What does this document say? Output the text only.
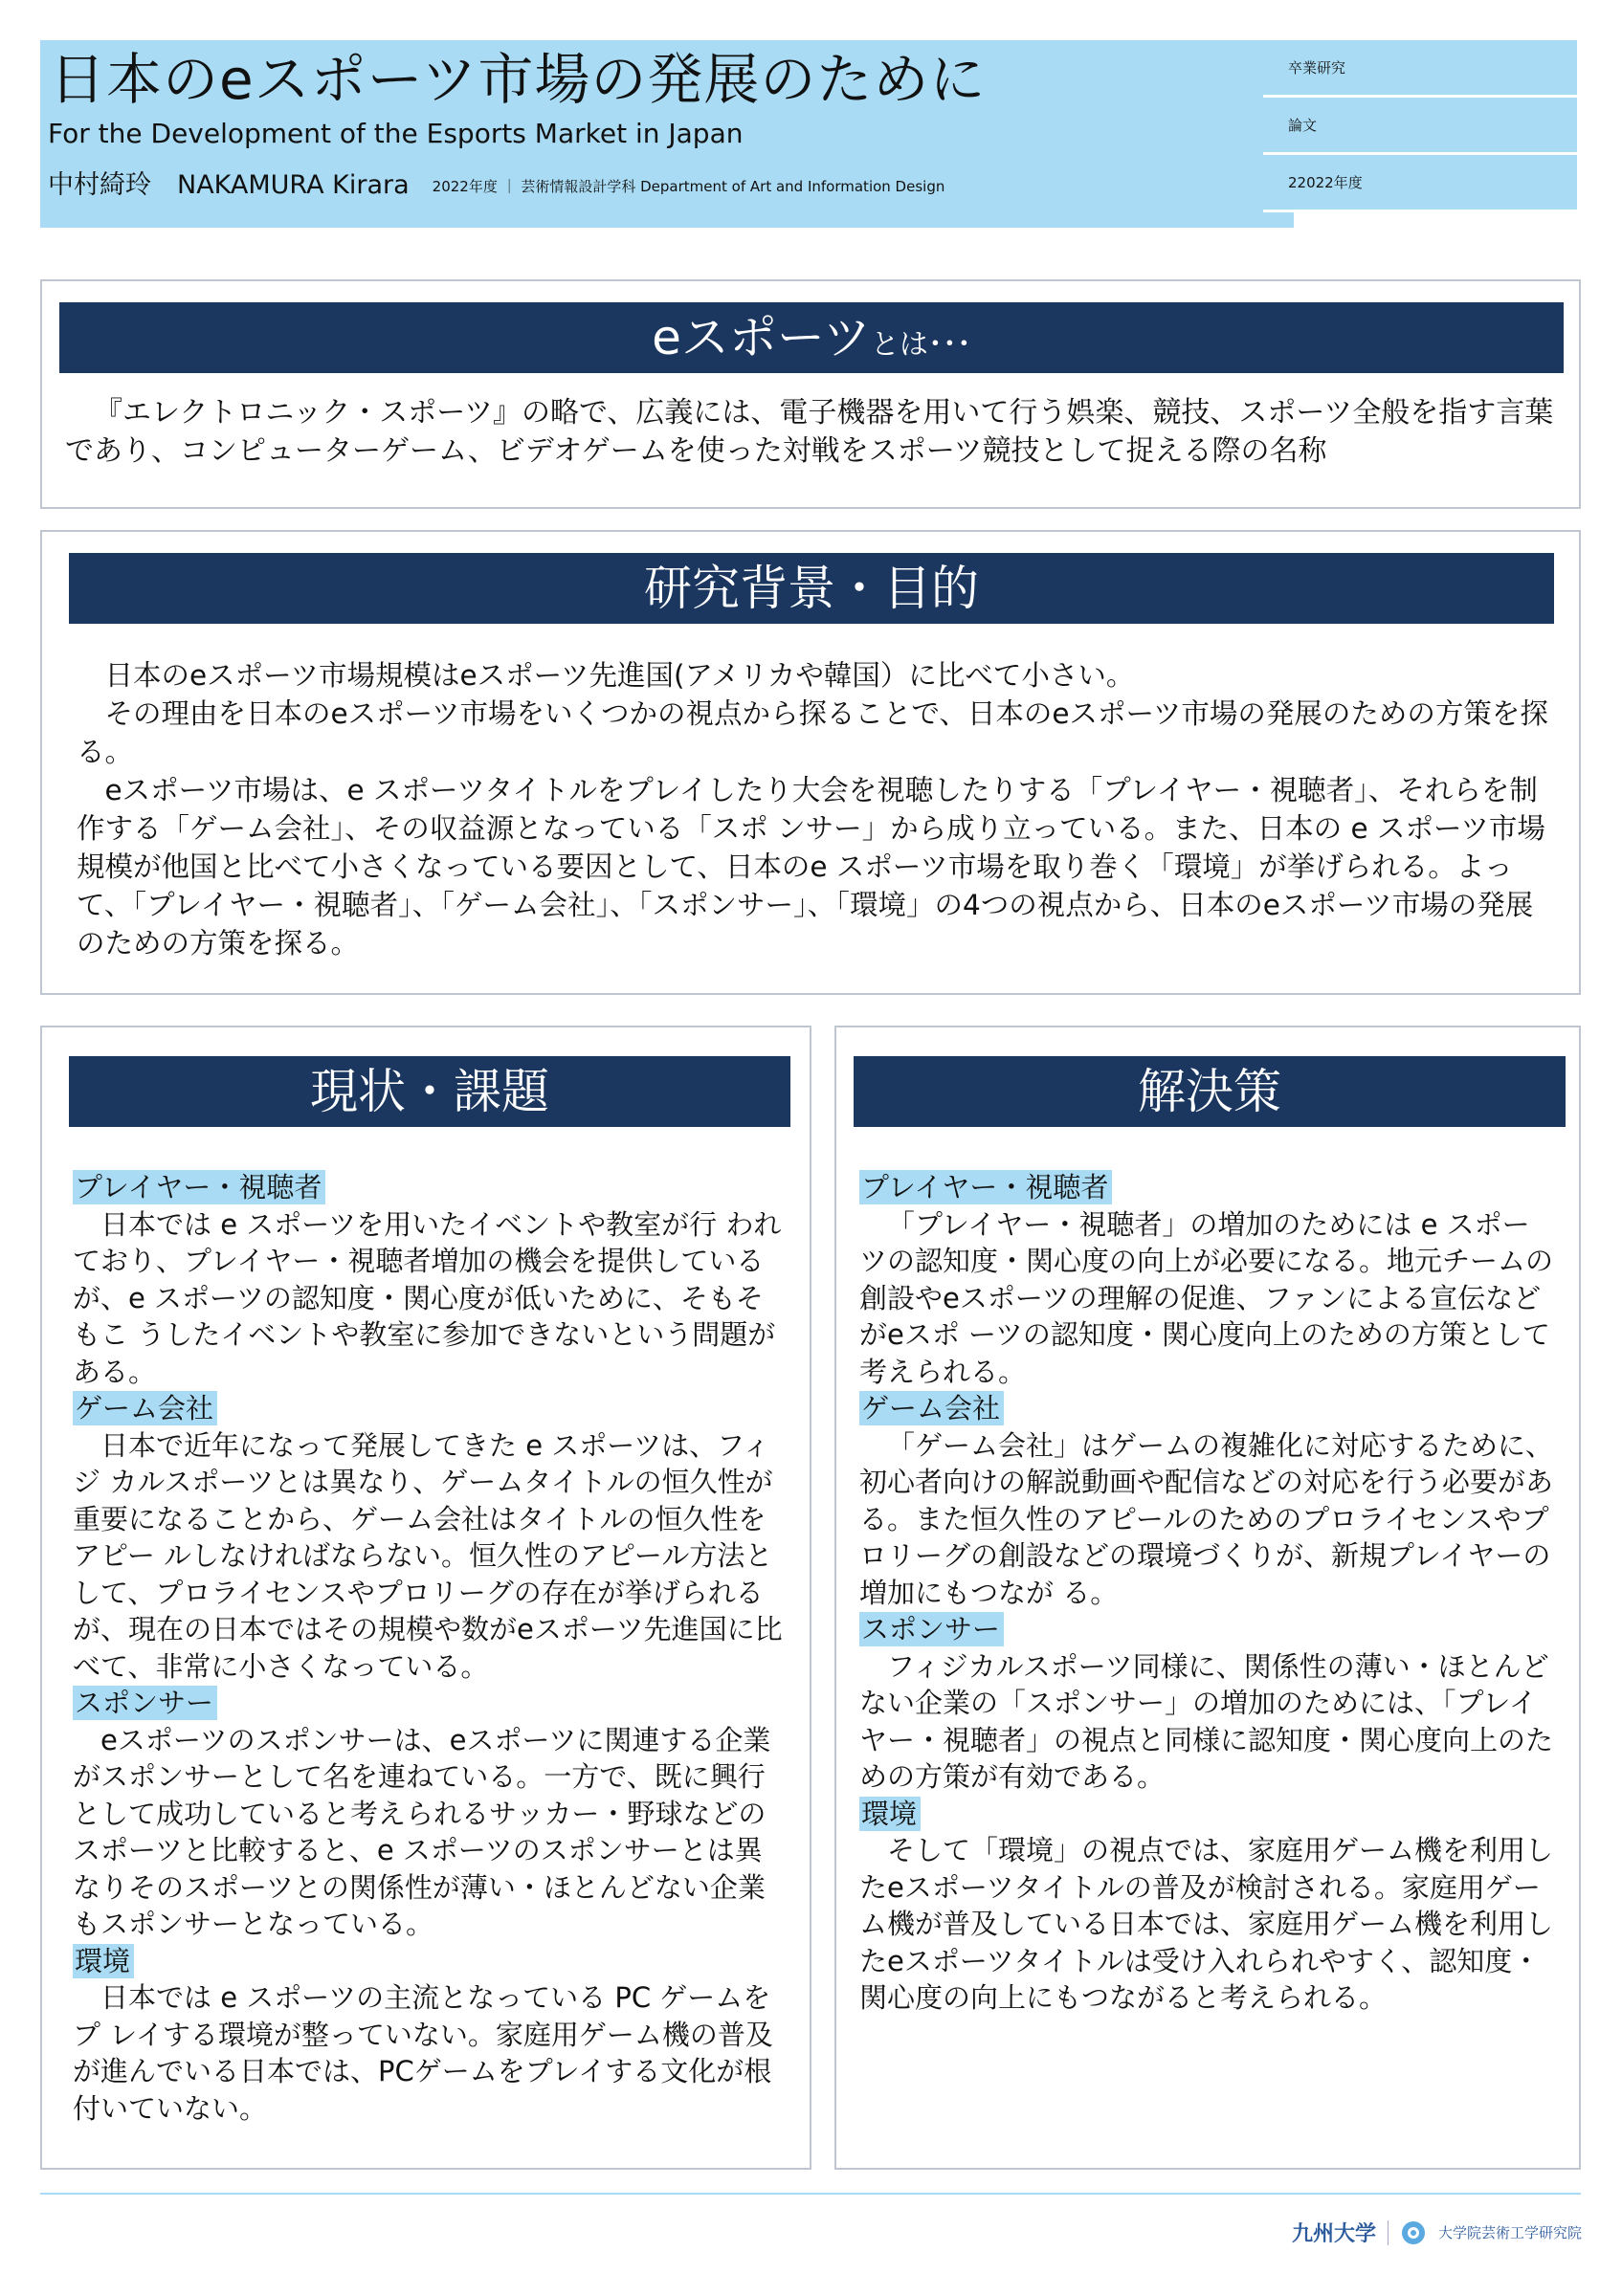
日本のeスポーツ市場の発展のために
For the Development of the Esports Market in Japan
中村綺玲　NAKAMURA Kirara 2022年度 ｜ 芸術情報設計学科 Department of Art and Information Design
卒業研究
論文
22022年度
eスポーツとは･･･

『エレクトロニック・スポーツ』の略で、広義には、電子機器を用いて行う娯楽、競技、スポーツ全般を指す言葉であり、コンピューターゲーム、ビデオゲームを使った対戦をスポーツ競技として捉える際の名称

研究背景・目的

日本のeスポーツ市場規模はeスポーツ先進国(アメリカや韓国）に比べて小さい。

その理由を日本のeスポーツ市場をいくつかの視点から探ることで、日本のeスポーツ市場の発展のための方策を探る。

eスポーツ市場は、e スポーツタイトルをプレイしたり大会を視聴したりする「プレイヤー・視聴者」、それらを制作する「ゲーム会社」、その収益源となっている「スポ ンサー」から成り立っている。また、日本の e スポーツ市場規模が他国と比べて小さくなっている要因として、日本のe スポーツ市場を取り巻く「環境」が挙げられる。よって、「プレイヤー・視聴者」、「ゲーム会社」、「スポンサー」、「環境」の4つの視点から、日本のeスポーツ市場の発展のための方策を探る。

現状・課題
プレイヤー・視聴者

日本では e スポーツを用いたイベントや教室が行 われており、プレイヤー・視聴者増加の機会を提供しているが、e スポーツの認知度・関心度が低いために、そもそもこ うしたイベントや教室に参加できないという問題がある。

ゲーム会社

日本で近年になって発展してきた e スポーツは、フィジ カルスポーツとは異なり、ゲームタイトルの恒久性が重要になることから、ゲーム会社はタイトルの恒久性をアピー ルしなければならない。恒久性のアピール方法として、プロライセンスやプロリーグの存在が挙げられるが、現在の日本ではその規模や数がeスポーツ先進国に比べて、非常に小さくなっている。

スポンサー

eスポーツのスポンサーは、eスポーツに関連する企業がスポンサーとして名を連ねている。一方で、既に興行として成功していると考えられるサッカー・野球などのスポーツと比較すると、e スポーツのスポンサーとは異なりそのスポーツとの関係性が薄い・ほとんどない企業もスポンサーとなっている。

環境

日本では e スポーツの主流となっている PC ゲームをプ レイする環境が整っていない。家庭用ゲーム機の普及が進んでいる日本では、PCゲームをプレイする文化が根付いていない。

解決策
プレイヤー・視聴者

「プレイヤー・視聴者」の増加のためには e スポーツの認知度・関心度の向上が必要になる。地元チームの創設やeスポーツの理解の促進、ファンによる宣伝などがeスポ ーツの認知度・関心度向上のための方策として考えられる。

ゲーム会社

「ゲーム会社」はゲームの複雑化に対応するために、初心者向けの解説動画や配信などの対応を行う必要がある。また恒久性のアピールのためのプロライセンスやプロリーグの創設などの環境づくりが、新規プレイヤーの増加にもつなが る。

スポンサー

フィジカルスポーツ同様に、関係性の薄い・ほとんどない企業の「スポンサー」の増加のためには、「プレイヤー・視聴者」の視点と同様に認知度・関心度向上のための方策が有効である。

環境

そして「環境」の視点では、家庭用ゲーム機を利用したeスポーツタイトルの普及が検討される。家庭用ゲーム機が普及している日本では、家庭用ゲーム機を利用したeスポーツタイトルは受け入れられやすく、認知度・関心度の向上にもつながると考えられる。

九州大学	大学院芸術工学研究院
